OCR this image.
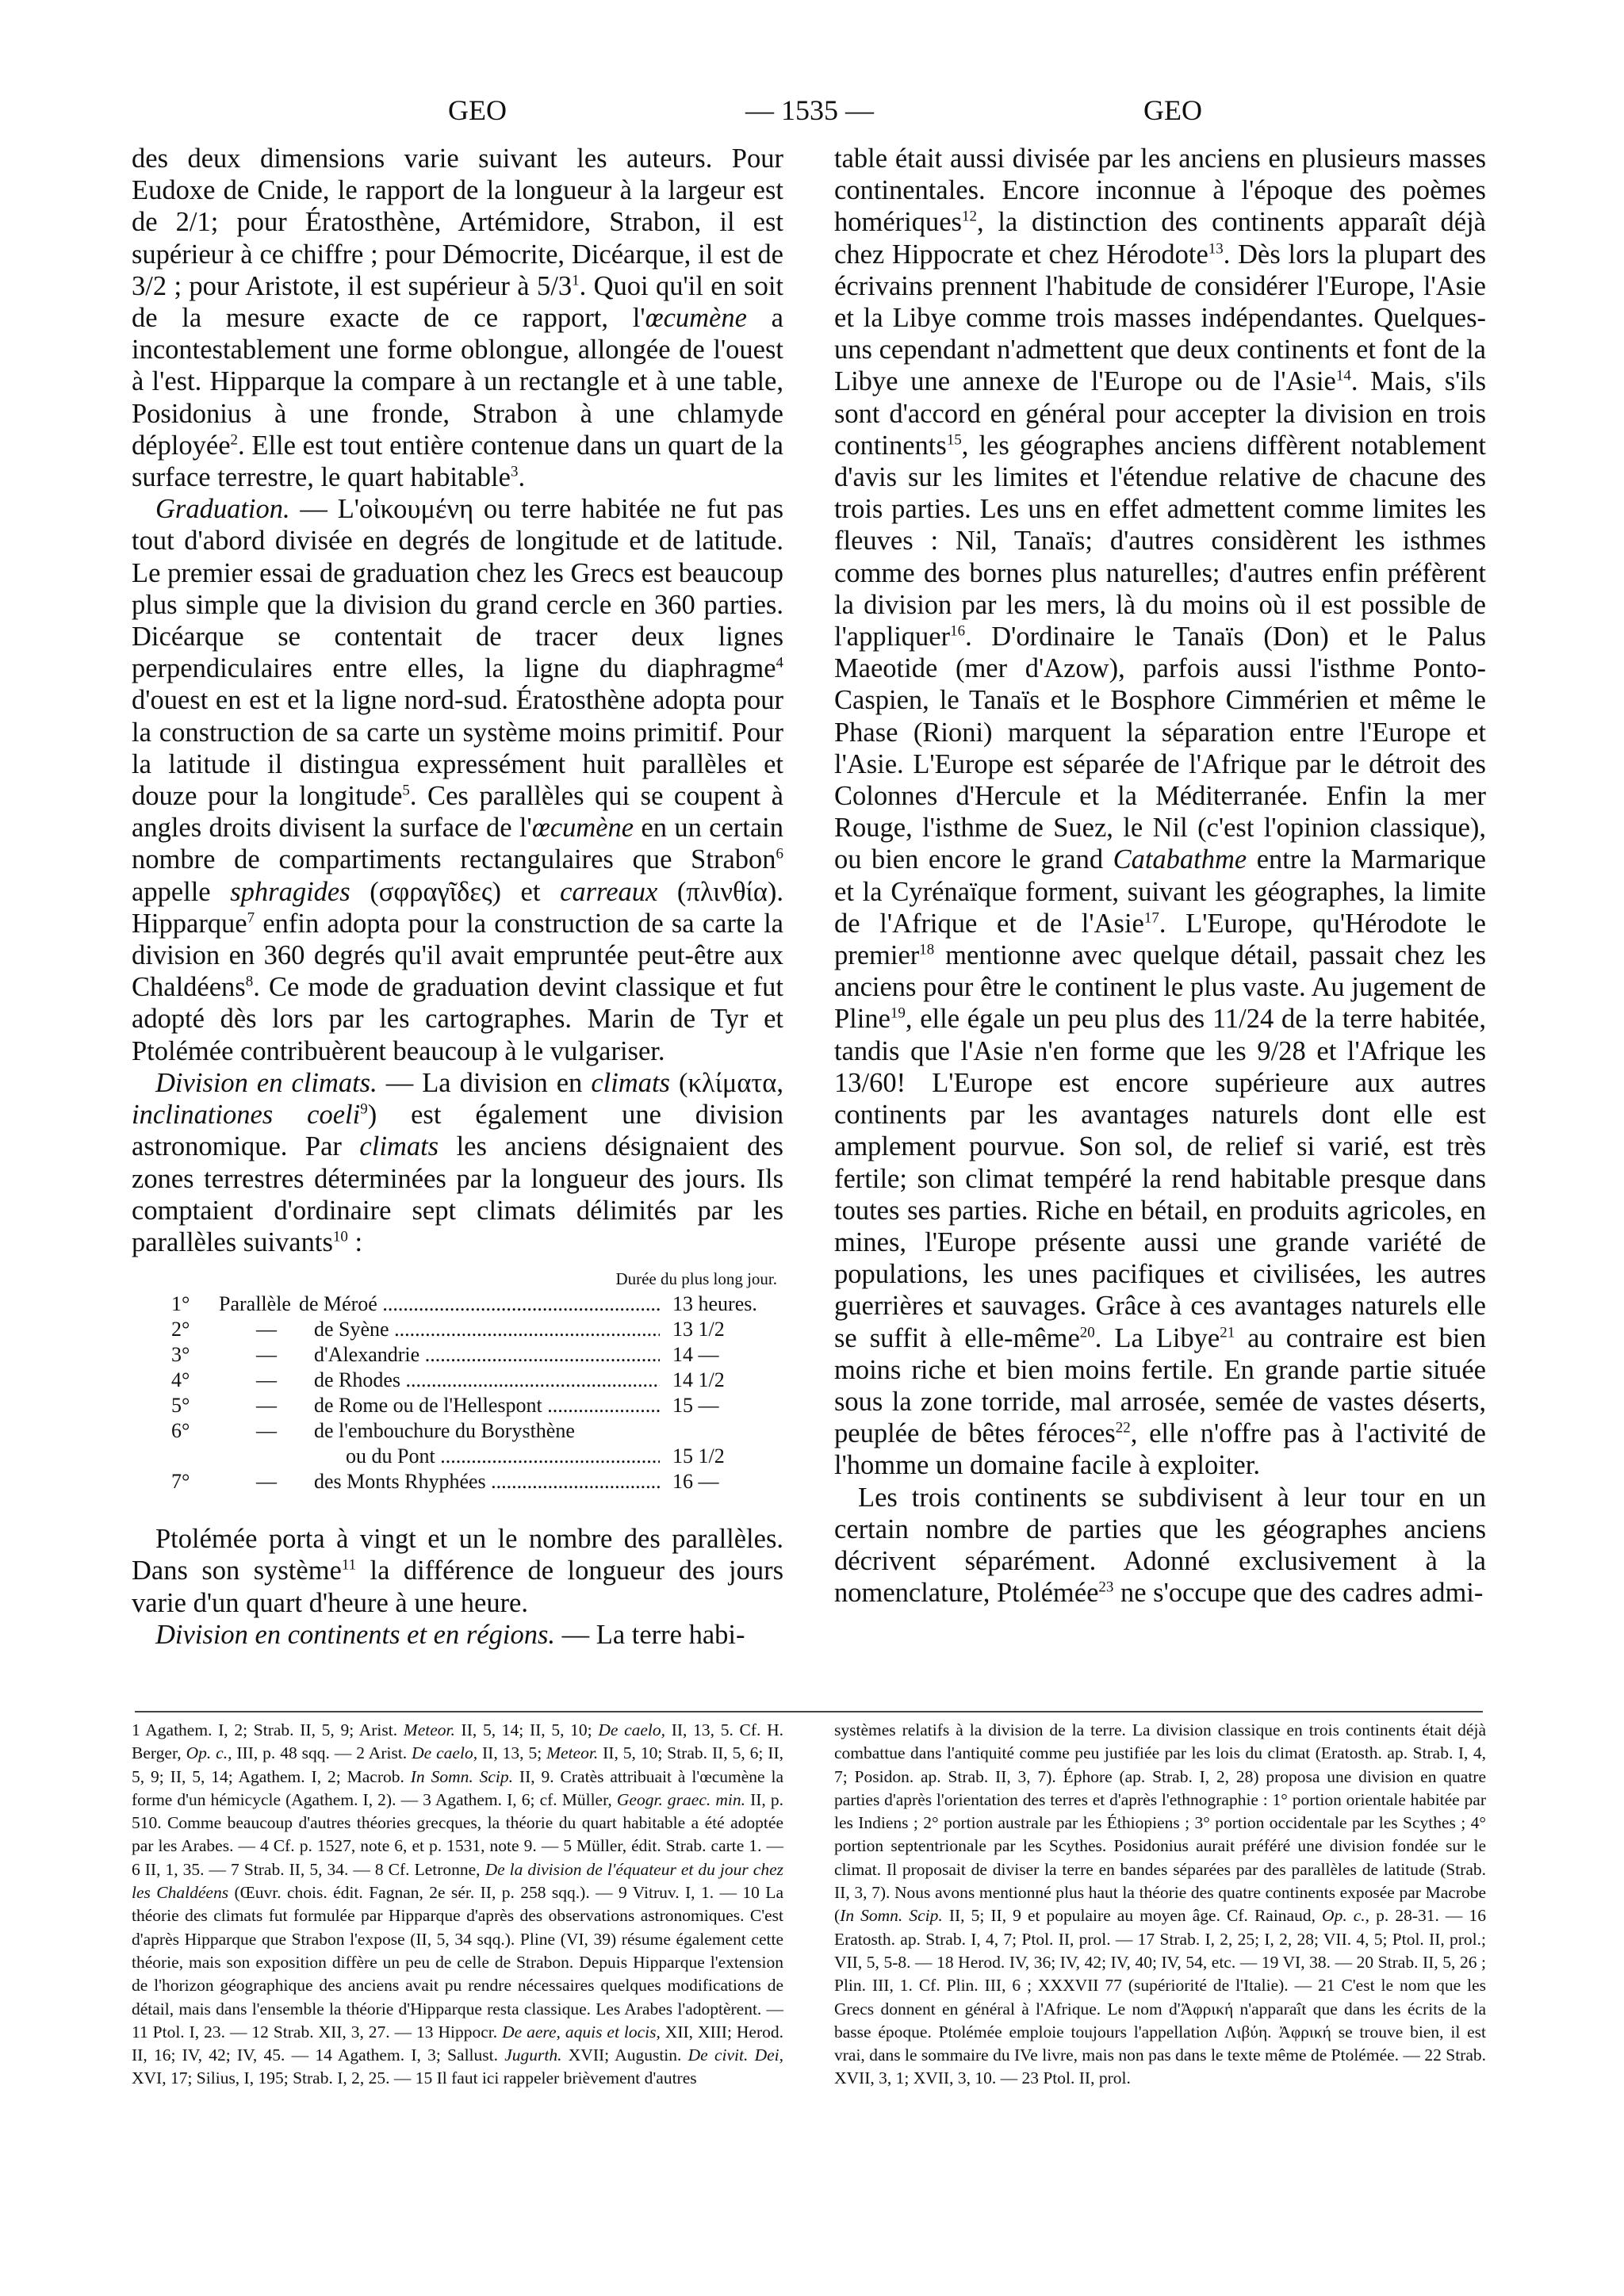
GEO	— 1535 —	GEO

des deux dimensions varie suivant les auteurs. Pour Eudoxe de Cnide, le rapport de la longueur à la largeur est de 2/1; pour Ératosthène, Artémidore, Strabon, il est supérieur à ce chiffre ; pour Démocrite, Dicéarque, il est de 3/2 ; pour Aristote, il est supérieur à $5/3^1$. Quoi qu'il en soit de la mesure exacte de ce rapport, l'œcumène a incontestablement une forme oblongue, allongée de l'ouest à l'est. Hipparque la compare à un rectangle et à une table, Posidonius à une fronde, Strabon à une chlamyde déployée$^2$. Elle est tout entière contenue dans un quart de la surface terrestre, le quart habitable$^3$.

Graduation. — L'οἰκουμένη ou terre habitée ne fut pas tout d'abord divisée en degrés de longitude et de latitude. Le premier essai de graduation chez les Grecs est beaucoup plus simple que la division du grand cercle en 360 parties. Dicéarque se contentait de tracer deux lignes perpendiculaires entre elles, la ligne du diaphragme$^4$ d'ouest en est et la ligne nord-sud. Ératosthène adopta pour la construction de sa carte un système moins primitif. Pour la latitude il distingua expressément huit parallèles et douze pour la longitude$^5$. Ces parallèles qui se coupent à angles droits divisent la surface de l'œcumène en un certain nombre de compartiments rectangulaires que Strabon$^6$ appelle sphragides (σφραγῖδες) et carreaux (πλινθία). Hipparque$^7$ enfin adopta pour la construction de sa carte la division en 360 degrés qu'il avait empruntée peut-être aux Chaldéens$^8$. Ce mode de graduation devint classique et fut adopté dès lors par les cartographes. Marin de Tyr et Ptolémée contribuèrent beaucoup à le vulgariser.

Division en climats. — La division en climats (κλίματα, inclinationes coeli$^9$) est également une division astronomique. Par climats les anciens désignaient des zones terrestres déterminées par la longueur des jours. Ils comptaient d'ordinaire sept climats délimités par les parallèles suivants$^{10}$ :

Durée du plus long jour.
1°	Parallèle de Méroé .....	13 heures.
2°	—	de Syène .....	13 1/2
3°	—	d'Alexandrie .....	14 —
4°	—	de Rhodes .....	14 1/2
5°	—	de Rome ou de l'Hellespont .....	15 —
6°	—	de l'embouchure du Borysthène
ou du Pont .....	15 1/2
7°	—	des Monts Rhyphées .....	16 —

Ptolémée porta à vingt et un le nombre des parallèles. Dans son système$^{11}$ la différence de longueur des jours varie d'un quart d'heure à une heure.

Division en continents et en régions. — La terre habi-

table était aussi divisée par les anciens en plusieurs masses continentales. Encore inconnue à l'époque des poèmes homériques$^{12}$, la distinction des continents apparaît déjà chez Hippocrate et chez Hérodote$^{13}$. Dès lors la plupart des écrivains prennent l'habitude de considérer l'Europe, l'Asie et la Libye comme trois masses indépendantes. Quelques-uns cependant n'admettent que deux continents et font de la Libye une annexe de l'Europe ou de l'Asie$^{14}$. Mais, s'ils sont d'accord en général pour accepter la division en trois continents$^{15}$, les géographes anciens diffèrent notablement d'avis sur les limites et l'étendue relative de chacune des trois parties. Les uns en effet admettent comme limites les fleuves : Nil, Tanaïs; d'autres considèrent les isthmes comme des bornes plus naturelles; d'autres enfin préfèrent la division par les mers, là du moins où il est possible de l'appliquer$^{16}$. D'ordinaire le Tanaïs (Don) et le Palus Maeotide (mer d'Azow), parfois aussi l'isthme Ponto-Caspien, le Tanaïs et le Bosphore Cimmérien et même le Phase (Rioni) marquent la séparation entre l'Europe et l'Asie. L'Europe est séparée de l'Afrique par le détroit des Colonnes d'Hercule et la Méditerranée. Enfin la mer Rouge, l'isthme de Suez, le Nil (c'est l'opinion classique), ou bien encore le grand Catabathme entre la Marmarique et la Cyrénaïque forment, suivant les géographes, la limite de l'Afrique et de l'Asie$^{17}$. L'Europe, qu'Hérodote le premier$^{18}$ mentionne avec quelque détail, passait chez les anciens pour être le continent le plus vaste. Au jugement de Pline$^{19}$, elle égale un peu plus des 11/24 de la terre habitée, tandis que l'Asie n'en forme que les 9/28 et l'Afrique les 13/60! L'Europe est encore supérieure aux autres continents par les avantages naturels dont elle est amplement pourvue. Son sol, de relief si varié, est très fertile; son climat tempéré la rend habitable presque dans toutes ses parties. Riche en bétail, en produits agricoles, en mines, l'Europe présente aussi une grande variété de populations, les unes pacifiques et civilisées, les autres guerrières et sauvages. Grâce à ces avantages naturels elle se suffit à elle-même$^{20}$. La Libye$^{21}$ au contraire est bien moins riche et bien moins fertile. En grande partie située sous la zone torride, mal arrosée, semée de vastes déserts, peuplée de bêtes féroces$^{22}$, elle n'offre pas à l'activité de l'homme un domaine facile à exploiter.

Les trois continents se subdivisent à leur tour en un certain nombre de parties que les géographes anciens décrivent séparément. Adonné exclusivement à la nomenclature, Ptolémée$^{23}$ ne s'occupe que des cadres admi-

1 Agathem. I, 2; Strab. II, 5, 9; Arist. Meteor. II, 5, 14; II, 5, 10; De caelo, II, 13, 5. Cf. H. Berger, Op. c., III, p. 48 sqq. — 2 Arist. De caelo, II, 13, 5; Meteor. II, 5, 10; Strab. II, 5, 6; II, 5, 9; II, 5, 14; Agathem. I, 2; Macrob. In Somn. Scip. II, 9. Cratès attribuait à l'œcumène la forme d'un hémicycle (Agathem. I, 2). — 3 Agathem. I, 6; cf. Müller, Geogr. graec. min. II, p. 510. Comme beaucoup d'autres théories grecques, la théorie du quart habitable a été adoptée par les Arabes. — 4 Cf. p. 1527, note 6, et p. 1531, note 9. — 5 Müller, édit. Strab. carte 1. — 6 II, 1, 35. — 7 Strab. II, 5, 34. — 8 Cf. Letronne, De la division de l'équateur et du jour chez les Chaldéens (Œuvr. chois. édit. Fagnan, 2e sér. II, p. 258 sqq.). — 9 Vitruv. I, 1. — 10 La théorie des climats fut formulée par Hipparque d'après des observations astronomiques. C'est d'après Hipparque que Strabon l'expose (II, 5, 34 sqq.). Pline (VI, 39) résume également cette théorie, mais son exposition diffère un peu de celle de Strabon. Depuis Hipparque l'extension de l'horizon géographique des anciens avait pu rendre nécessaires quelques modifications de détail, mais dans l'ensemble la théorie d'Hipparque resta classique. Les Arabes l'adoptèrent. — 11 Ptol. I, 23. — 12 Strab. XII, 3, 27. — 13 Hippocr. De aere, aquis et locis, XII, XIII; Herod. II, 16; IV, 42; IV, 45. — 14 Agathem. I, 3; Sallust. Jugurth. XVII; Augustin. De civit. Dei, XVI, 17; Silius, I, 195; Strab. I, 2, 25. — 15 Il faut ici rappeler brièvement d'autres
systèmes relatifs à la division de la terre. La division classique en trois continents était déjà combattue dans l'antiquité comme peu justifiée par les lois du climat (Eratosth. ap. Strab. I, 4, 7; Posidon. ap. Strab. II, 3, 7). Éphore (ap. Strab. I, 2, 28) proposa une division en quatre parties d'après l'orientation des terres et d'après l'ethnographie : 1° portion orientale habitée par les Indiens ; 2° portion australe par les Éthiopiens ; 3° portion occidentale par les Scythes ; 4° portion septentrionale par les Scythes. Posidonius aurait préféré une division fondée sur le climat. Il proposait de diviser la terre en bandes séparées par des parallèles de latitude (Strab. II, 3, 7). Nous avons mentionné plus haut la théorie des quatre continents exposée par Macrobe (In Somn. Scip. II, 5; II, 9 et populaire au moyen âge. Cf. Rainaud, Op. c., p. 28-31. — 16 Eratosth. ap. Strab. I, 4, 7; Ptol. II, prol. — 17 Strab. I, 2, 25; I, 2, 28; VII. 4, 5; Ptol. II, prol.; VII, 5, 5-8. — 18 Herod. IV, 36; IV, 42; IV, 40; IV, 54, etc. — 19 VI, 38. — 20 Strab. II, 5, 26 ; Plin. III, 1. Cf. Plin. III, 6 ; XXXVII 77 (supériorité de l'Italie). — 21 C'est le nom que les Grecs donnent en général à l'Afrique. Le nom d'Ἀφρική n'apparaît que dans les écrits de la basse époque. Ptolémée emploie toujours l'appellation Λιβύη. Ἀφρική se trouve bien, il est vrai, dans le sommaire du IVe livre, mais non pas dans le texte même de Ptolémée. — 22 Strab. XVII, 3, 1; XVII, 3, 10. — 23 Ptol. II, prol.
